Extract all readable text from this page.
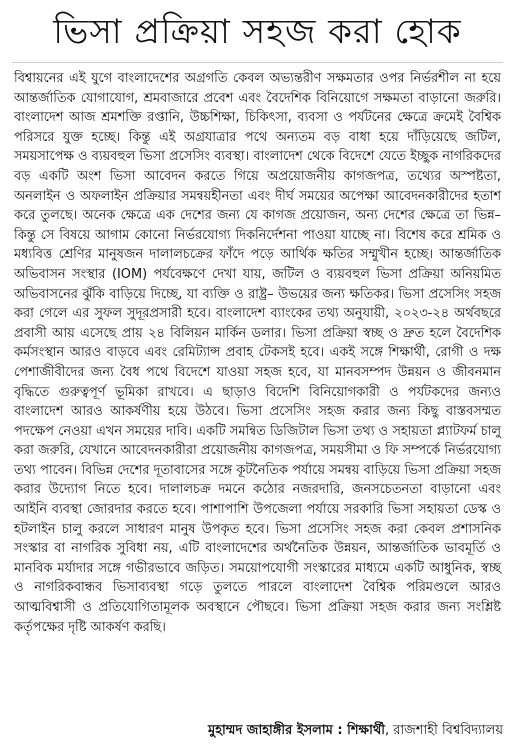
ভিসা প্রক্রিয়া সহজ করা হোক

বিশ্বায়নের এই যুগে বাংলাদেশের অগ্রগতি কেবল অভ্যন্তরীণ সক্ষমতার ওপর নির্ভরশীল না হয়ে আন্তর্জাতিক যোগাযোগ, শ্রমবাজারে প্রবেশ এবং বৈদেশিক বিনিয়োগে সক্ষমতা বাড়ানো জরুরি। বাংলাদেশ আজ শ্রমশক্তি রপ্তানি, উচ্চশিক্ষা, চিকিৎসা, ব্যবসা ও পর্যটনের ক্ষেত্রে ক্রমেই বৈশ্বিক পরিসরে যুক্ত হচ্ছে। কিন্তু এই অগ্রযাত্রার পথে অন্যতম বড় বাধা হয়ে দাঁড়িয়েছে জটিল, সময়সাপেক্ষ ও ব্যয়বহুল ভিসা প্রসেসিং ব্যবস্থা। বাংলাদেশ থেকে বিদেশে যেতে ইচ্ছুক নাগরিকদের বড় একটি অংশ ভিসা আবেদন করতে গিয়ে অপ্রয়োজনীয় কাগজপত্র, তথ্যের অস্পষ্টতা, অনলাইন ও অফলাইন প্রক্রিয়ার সমন্বয়হীনতা এবং দীর্ঘ সময়ের অপেক্ষা আবেদনকারীদের হতাশ করে তুলছে। অনেক ক্ষেত্রে এক দেশের জন্য যে কাগজ প্রয়োজন, অন্য দেশের ক্ষেত্রে তা ভিন্ন– কিন্তু সে বিষয়ে আগাম কোনো নির্ভরযোগ্য দিকনির্দেশনা পাওয়া যাচ্ছে না। বিশেষ করে শ্রমিক ও মধ্যবিত্ত শ্রেণির মানুষজন দালালচক্রের ফাঁদে পড়ে আর্থিক ক্ষতির সম্মুখীন হচ্ছে। আন্তর্জাতিক অভিবাসন সংস্থার (IOM) পর্যবেক্ষণে দেখা যায়, জটিল ও ব্যয়বহুল ভিসা প্রক্রিয়া অনিয়মিত অভিবাসনের ঝুঁকি বাড়িয়ে দিচ্ছে, যা ব্যক্তি ও রাষ্ট্র– উভয়ের জন্য ক্ষতিকর। ভিসা প্রসেসিং সহজ করা গেলে এর সুফল সুদূরপ্রসারী হবে। বাংলাদেশ ব্যাংকের তথ্য অনুযায়ী, ২০২৩-২৪ অর্থবছরে প্রবাসী আয় এসেছে প্রায় ২৪ বিলিয়ন মার্কিন ডলার। ভিসা প্রক্রিয়া স্বচ্ছ ও দ্রুত হলে বৈদেশিক কর্মসংস্থান আরও বাড়বে এবং রেমিট্যান্স প্রবাহ টেকসই হবে। একই সঙ্গে শিক্ষার্থী, রোগী ও দক্ষ পেশাজীবীদের জন্য বৈধ পথে বিদেশে যাওয়া সহজ হবে, যা মানবসম্পদ উন্নয়ন ও জীবনমান বৃদ্ধিতে গুরুত্বপূর্ণ ভূমিকা রাখবে। এ ছাড়াও বিদেশি বিনিয়োগকারী ও পর্যটকদের জন্যও বাংলাদেশ আরও আকর্ষণীয় হয়ে উঠবে। ভিসা প্রসেসিং সহজ করার জন্য কিছু বাস্তবসম্মত পদক্ষেপ নেওয়া এখন সময়ের দাবি। একটি সমন্বিত ডিজিটাল ভিসা তথ্য ও সহায়তা প্ল্যাটফর্ম চালু করা জরুরি, যেখানে আবেদনকারীরা প্রয়োজনীয় কাগজপত্র, সময়সীমা ও ফি সম্পর্কে নির্ভরযোগ্য তথ্য পাবেন। বিভিন্ন দেশের দূতাবাসের সঙ্গে কূটনৈতিক পর্যায়ে সমন্বয় বাড়িয়ে ভিসা প্রক্রিয়া সহজ করার উদ্যোগ নিতে হবে। দালালচক্র দমনে কঠোর নজরদারি, জনসচেতনতা বাড়ানো এবং আইনি ব্যবস্থা জোরদার করতে হবে। পাশাপাশি উপজেলা পর্যায়ে সরকারি ভিসা সহায়তা ডেস্ক ও হটলাইন চালু করলে সাধারণ মানুষ উপকৃত হবে। ভিসা প্রসেসিং সহজ করা কেবল প্রশাসনিক সংস্কার বা নাগরিক সুবিধা নয়, এটি বাংলাদেশের অর্থনৈতিক উন্নয়ন, আন্তর্জাতিক ভাবমূর্তি ও মানবিক মর্যাদার সঙ্গে গভীরভাবে জড়িত। সময়োপযোগী সংস্কারের মাধ্যমে একটি আধুনিক, স্বচ্ছ ও নাগরিকবান্ধব ভিসাব্যবস্থা গড়ে তুলতে পারলে বাংলাদেশ বৈশ্বিক পরিমণ্ডলে আরও আত্মবিশ্বাসী ও প্রতিযোগিতামূলক অবস্থানে পৌছবে। ভিসা প্রক্রিয়া সহজ করার জন্য সংশ্লিষ্ট কর্তৃপক্ষের দৃষ্টি আকর্ষণ করছি।

মুহাম্মদ জাহাঙ্গীর ইসলাম : শিক্ষার্থী, রাজশাহী বিশ্ববিদ্যালয়
